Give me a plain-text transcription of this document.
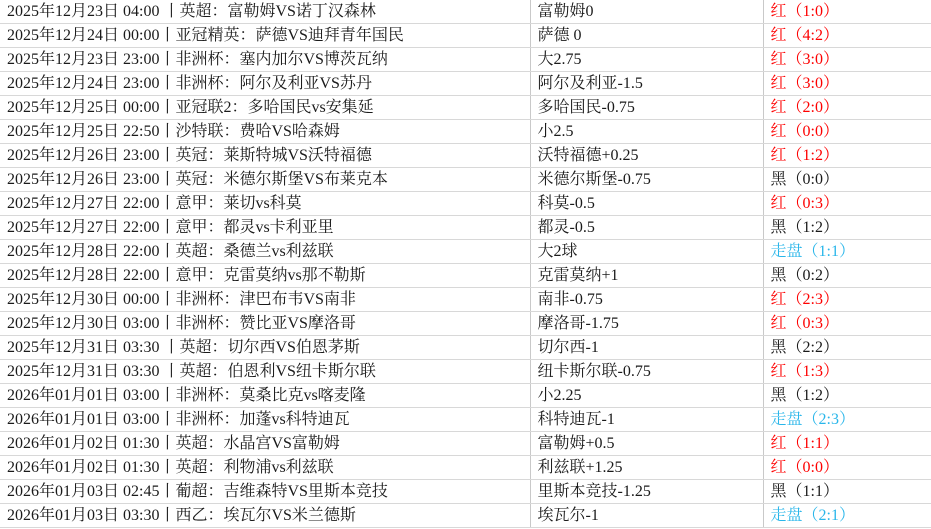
2025年12月23日 04:00 丨英超：富勒姆VS诺丁汉森林	富勒姆0	红（1:0）
2025年12月24日 00:00丨亚冠精英：萨德VS迪拜青年国民	萨德 0	红（4:2）
2025年12月23日 23:00丨非洲杯：塞内加尔VS博茨瓦纳	大2.75	红（3:0）
2025年12月24日 23:00丨非洲杯：阿尔及利亚VS苏丹	阿尔及利亚-1.5	红（3:0）
2025年12月25日 00:00丨亚冠联2：多哈国民vs安集延	多哈国民-0.75	红（2:0）
2025年12月25日 22:50丨沙特联：费哈VS哈森姆	小2.5	红（0:0）
2025年12月26日 23:00丨英冠：莱斯特城VS沃特福德	沃特福德+0.25	红（1:2）
2025年12月26日 23:00丨英冠：米德尔斯堡VS布莱克本	米德尔斯堡-0.75	黑（0:0）
2025年12月27日 22:00丨意甲：莱切vs科莫	科莫-0.5	红（0:3）
2025年12月27日 22:00丨意甲：都灵vs卡利亚里	都灵-0.5	黑（1:2）
2025年12月28日 22:00丨英超：桑德兰vs利兹联	大2球	走盘（1:1）
2025年12月28日 22:00丨意甲：克雷莫纳vs那不勒斯	克雷莫纳+1	黑（0:2）
2025年12月30日 00:00丨非洲杯：津巴布韦VS南非	南非-0.75	红（2:3）
2025年12月30日 03:00丨非洲杯：赞比亚VS摩洛哥	摩洛哥-1.75	红（0:3）
2025年12月31日 03:30 丨英超：切尔西VS伯恩茅斯	切尔西-1	黑（2:2）
2025年12月31日 03:30 丨英超：伯恩利VS纽卡斯尔联	纽卡斯尔联-0.75	红（1:3）
2026年01月01日 03:00丨非洲杯：莫桑比克vs喀麦隆	小2.25	黑（1:2）
2026年01月01日 03:00丨非洲杯：加蓬vs科特迪瓦	科特迪瓦-1	走盘（2:3）
2026年01月02日 01:30丨英超：水晶宫VS富勒姆	富勒姆+0.5	红（1:1）
2026年01月02日 01:30丨英超：利物浦vs利兹联	利兹联+1.25	红（0:0）
2026年01月03日 02:45丨葡超：吉维森特VS里斯本竞技	里斯本竞技-1.25	黑（1:1）
2026年01月03日 03:30丨西乙：埃瓦尔VS米兰德斯	埃瓦尔-1	走盘（2:1）
